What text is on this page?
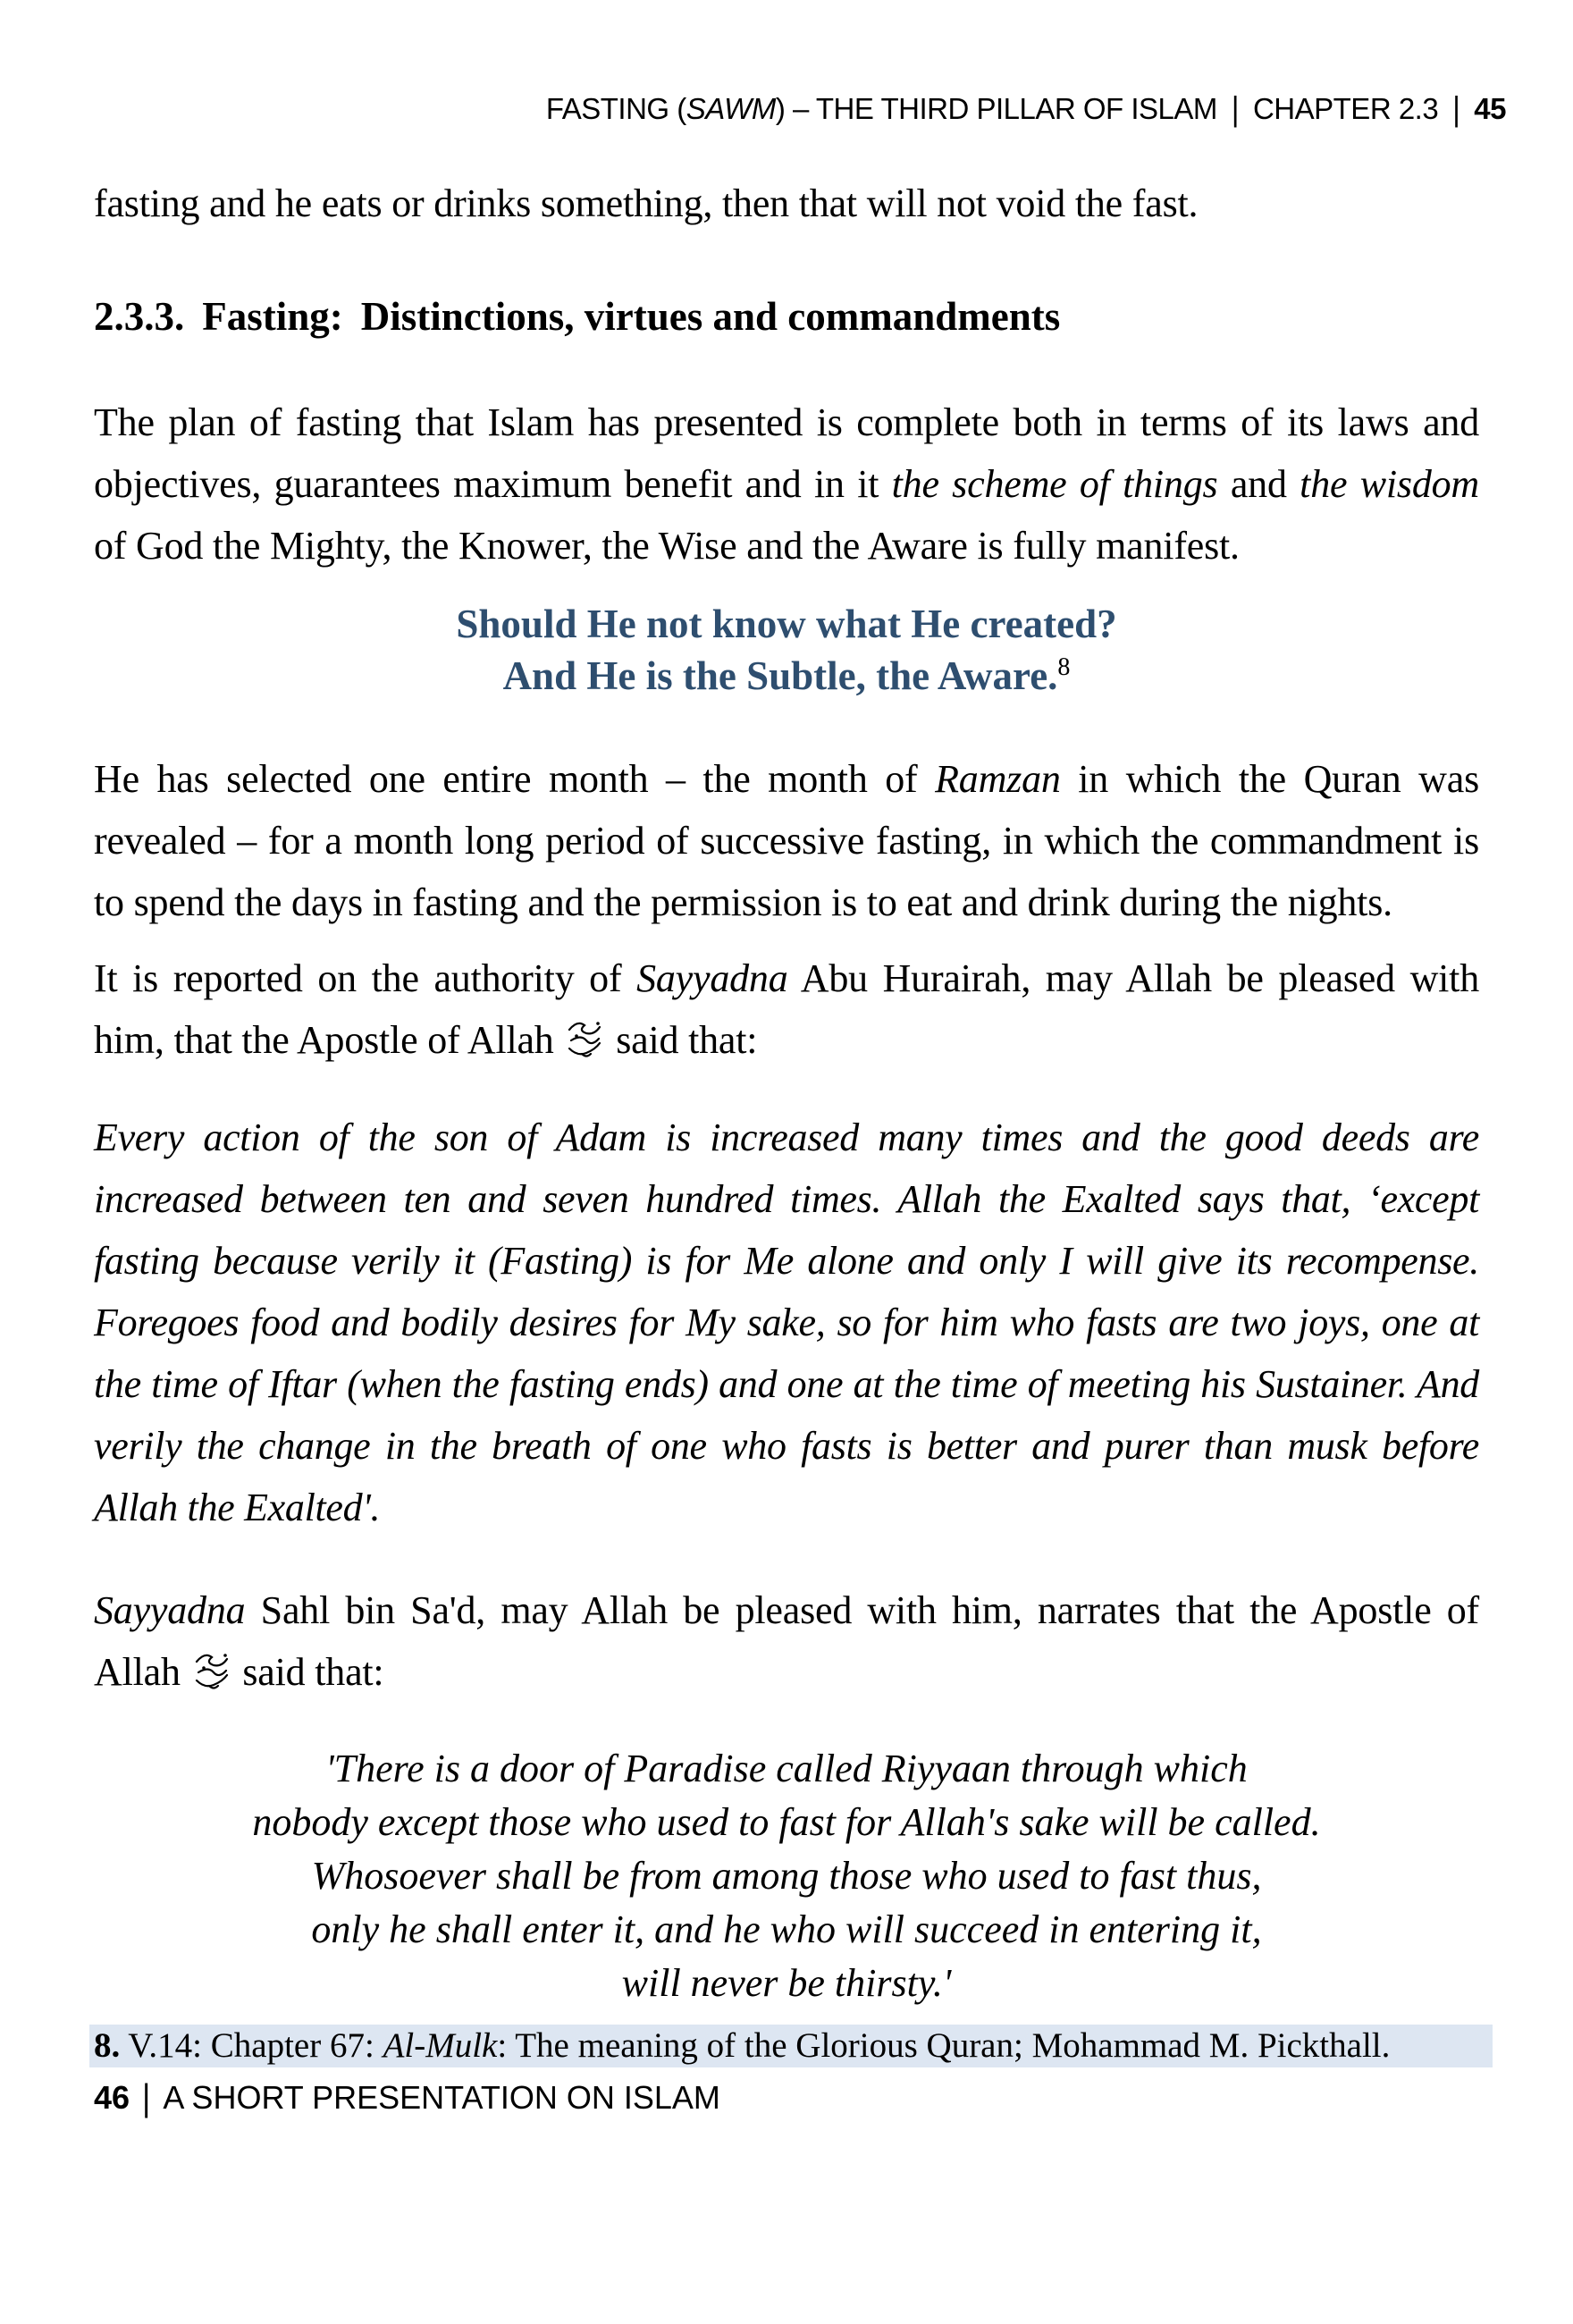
FASTING (SAWM) – THE THIRD PILLAR OF ISLAM | CHAPTER 2.3 | 45
fasting and he eats or drinks something, then that will not void the fast.
2.3.3. Fasting: Distinctions, virtues and commandments
The plan of fasting that Islam has presented is complete both in terms of its laws and objectives, guarantees maximum benefit and in it the scheme of things and the wisdom of God the Mighty, the Knower, the Wise and the Aware is fully manifest.
Should He not know what He created?
And He is the Subtle, the Aware.$^8$
He has selected one entire month – the month of Ramzan in which the Quran was revealed – for a month long period of successive fasting, in which the commandment is to spend the days in fasting and the permission is to eat and drink during the nights.
It is reported on the authority of Sayyadna Abu Hurairah, may Allah be pleased with him, that the Apostle of Allah
said that:
Every action of the son of Adam is increased many times and the good deeds are increased between ten and seven hundred times. Allah the Exalted says that, ‘except fasting because verily it (Fasting) is for Me alone and only I will give its recompense. Foregoes food and bodily desires for My sake, so for him who fasts are two joys, one at the time of Iftar (when the fasting ends) and one at the time of meeting his Sustainer. And verily the change in the breath of one who fasts is better and purer than musk before Allah the Exalted'.
Sayyadna Sahl bin Sa'd, may Allah be pleased with him, narrates that the Apostle of Allah
said that:
'There is a door of Paradise called Riyyaan through which
nobody except those who used to fast for Allah's sake will be called.
Whosoever shall be from among those who used to fast thus,
only he shall enter it, and he who will succeed in entering it,
will never be thirsty.'
8. V.14: Chapter 67: Al-Mulk: The meaning of the Glorious Quran; Mohammad M. Pickthall.
46 | A SHORT PRESENTATION ON ISLAM
